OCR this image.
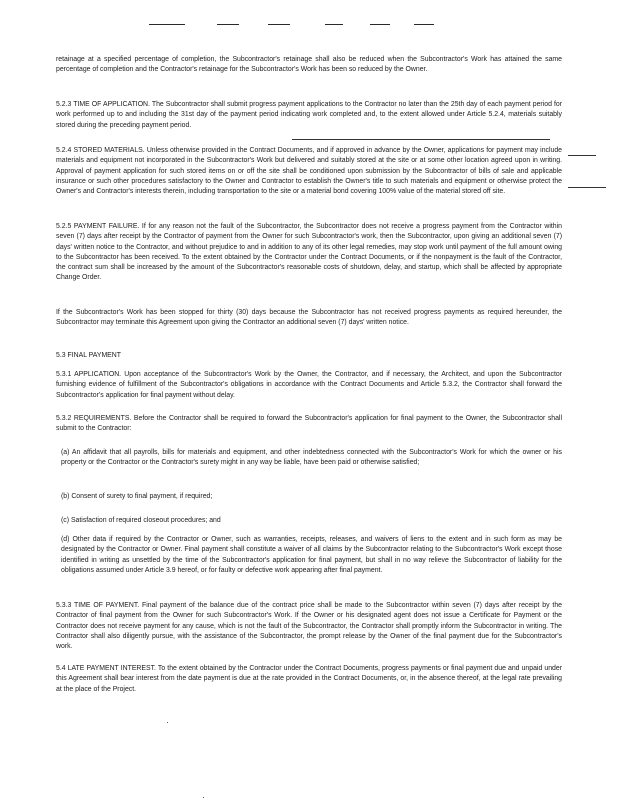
retainage at a specified percentage of completion, the Subcontractor's retainage shall also be reduced when the Subcontractor's Work has attained the same percentage of completion and the Contractor's retainage for the Subcontractor's Work has been so reduced by the Owner.

5.2.3 TIME OF APPLICATION. The Subcontractor shall submit progress payment applications to the Contractor no later than the 25th day of each payment period for work performed up to and including the 31st day of the payment period indicating work completed and, to the extent allowed under Article 5.2.4, materials suitably stored during the preceding payment period.

5.2.4 STORED MATERIALS. Unless otherwise provided in the Contract Documents, and if approved in advance by the Owner, applications for payment may include materials and equipment not incorporated in the Subcontractor's Work but delivered and suitably stored at the site or at some other location agreed upon in writing. Approval of payment application for such stored items on or off the site shall be conditioned upon submission by the Subcontractor of bills of sale and applicable insurance or such other procedures satisfactory to the Owner and Contractor to establish the Owner's title to such materials and equipment or otherwise protect the Owner's and Contractor's interests therein, including transportation to the site or a material bond covering 100% value of the material stored off site.

5.2.5 PAYMENT FAILURE. If for any reason not the fault of the Subcontractor, the Subcontractor does not receive a progress payment from the Contractor within seven (7) days after receipt by the Contractor of payment from the Owner for such Subcontractor's work, then the Subcontractor, upon giving an additional seven (7) days' written notice to the Contractor, and without prejudice to and in addition to any of its other legal remedies, may stop work until payment of the full amount owing to the Subcontractor has been received. To the extent obtained by the Contractor under the Contract Documents, or if the nonpayment is the fault of the Contractor, the contract sum shall be increased by the amount of the Subcontractor's reasonable costs of shutdown, delay, and startup, which shall be affected by appropriate Change Order.

If the Subcontractor's Work has been stopped for thirty (30) days because the Subcontractor has not received progress payments as required hereunder, the Subcontractor may terminate this Agreement upon giving the Contractor an additional seven (7) days' written notice.

5.3 FINAL PAYMENT

5.3.1 APPLICATION. Upon acceptance of the Subcontractor's Work by the Owner, the Contractor, and if necessary, the Architect, and upon the Subcontractor furnishing evidence of fulfillment of the Subcontractor's obligations in accordance with the Contract Documents and Article 5.3.2, the Contractor shall forward the Subcontractor's application for final payment without delay.

5.3.2 REQUIREMENTS. Before the Contractor shall be required to forward the Subcontractor's application for final payment to the Owner, the Subcontractor shall submit to the Contractor:

(a) An affidavit that all payrolls, bills for materials and equipment, and other indebtedness connected with the Subcontractor's Work for which the owner or his property or the Contractor or the Contractor's surety might in any way be liable, have been paid or otherwise satisfied;

(b) Consent of surety to final payment, if required;

(c) Satisfaction of required closeout procedures; and

(d) Other data if required by the Contractor or Owner, such as warranties, receipts, releases, and waivers of liens to the extent and in such form as may be designated by the Contractor or Owner. Final payment shall constitute a waiver of all claims by the Subcontractor relating to the Subcontractor's Work except those identified in writing as unsettled by the time of the Subcontractor's application for final payment, but shall in no way relieve the Subcontractor of liability for the obligations assumed under Article 3.9 hereof, or for faulty or defective work appearing after final payment.

5.3.3 TIME OF PAYMENT. Final payment of the balance due of the contract price shall be made to the Subcontractor within seven (7) days after receipt by the Contractor of final payment from the Owner for such Subcontractor's Work. If the Owner or his designated agent does not issue a Certificate for Payment or the Contractor does not receive payment for any cause, which is not the fault of the Subcontractor, the Contractor shall promptly inform the Subcontractor in writing. The Contractor shall also diligently pursue, with the assistance of the Subcontractor, the prompt release by the Owner of the final payment due for the Subcontractor's work.

5.4 LATE PAYMENT INTEREST. To the extent obtained by the Contractor under the Contract Documents, progress payments or final payment due and unpaid under this Agreement shall bear interest from the date payment is due at the rate provided in the Contract Documents, or, in the absence thereof, at the legal rate prevailing at the place of the Project.
